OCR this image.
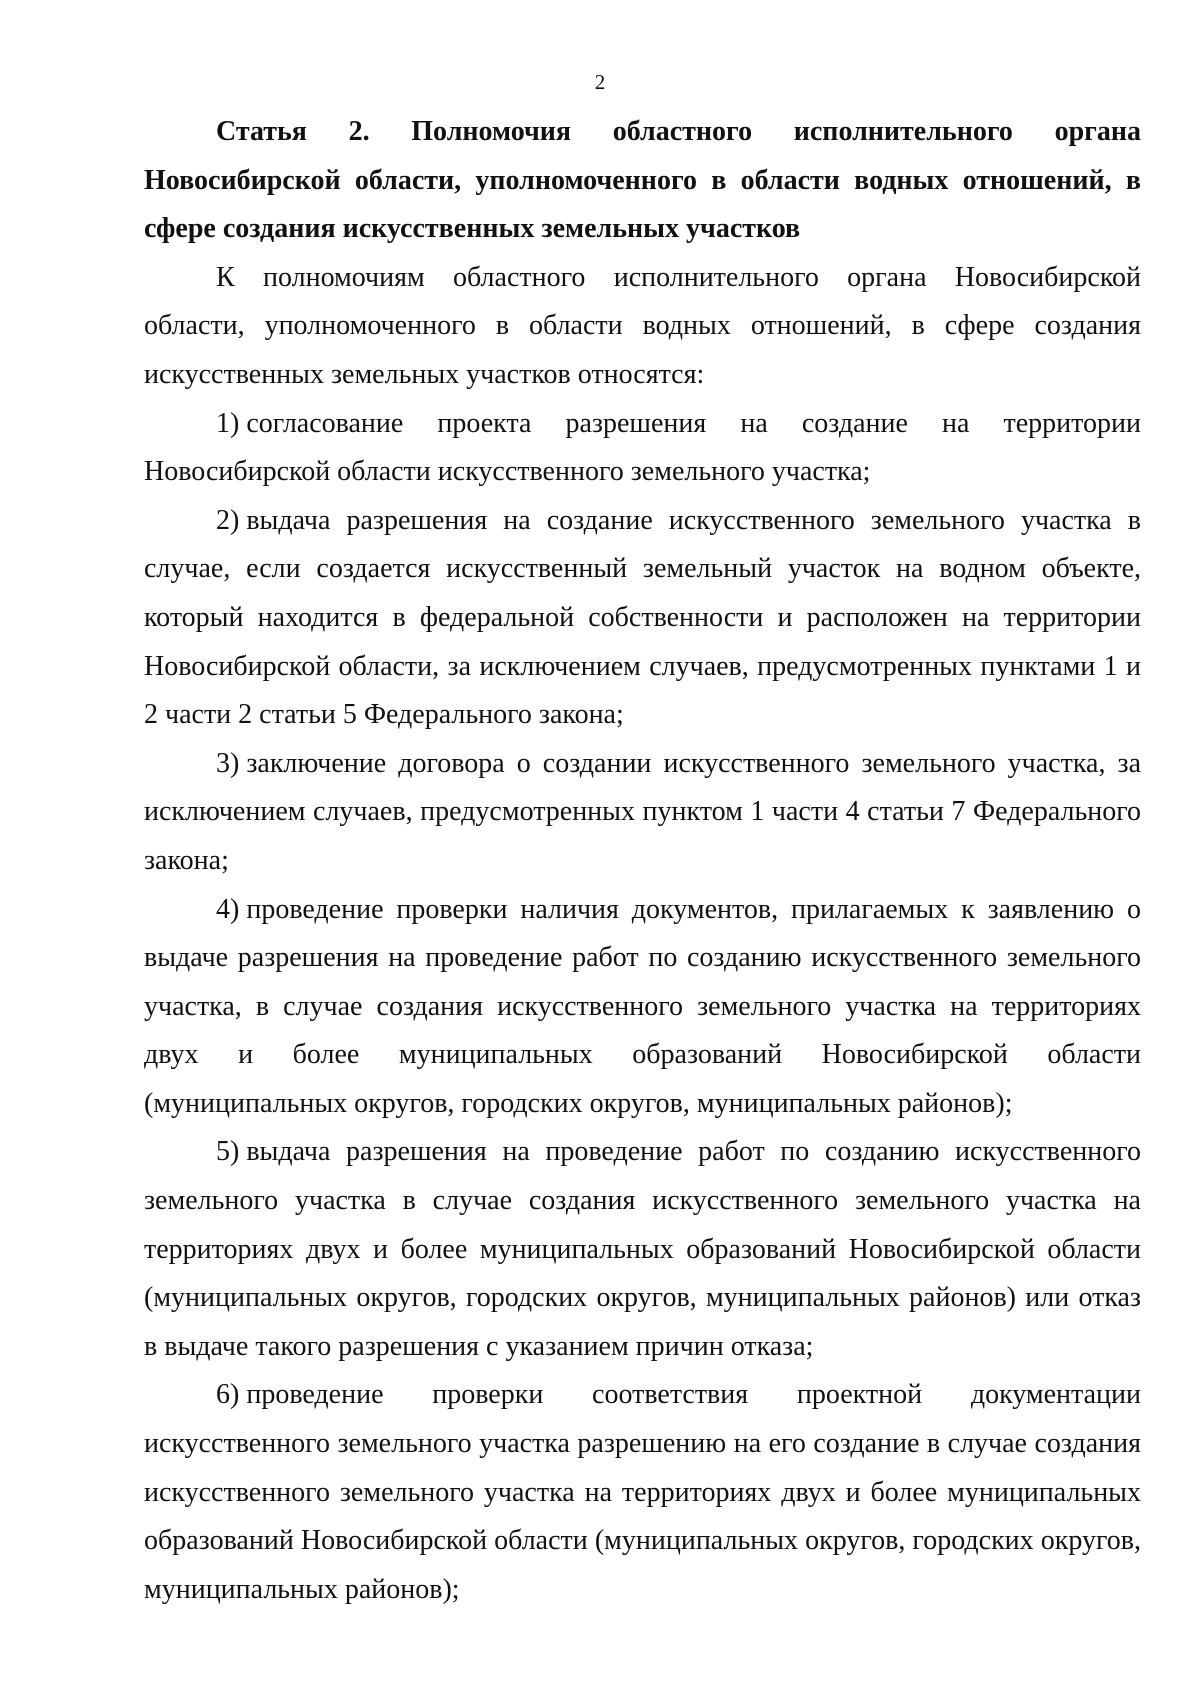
2

Статья 2. Полномочия областного исполнительного органа Новосибирской области, уполномоченного в области водных отношений, в сфере создания искусственных земельных участков

К полномочиям областного исполнительного органа Новосибирской области, уполномоченного в области водных отношений, в сфере создания искусственных земельных участков относятся:

1) согласование проекта разрешения на создание на территории Новосибирской области искусственного земельного участка;

2) выдача разрешения на создание искусственного земельного участка в случае, если создается искусственный земельный участок на водном объекте, который находится в федеральной собственности и расположен на территории Новосибирской области, за исключением случаев, предусмотренных пунктами 1 и 2 части 2 статьи 5 Федерального закона;

3) заключение договора о создании искусственного земельного участка, за исключением случаев, предусмотренных пунктом 1 части 4 статьи 7 Федерального закона;

4) проведение проверки наличия документов, прилагаемых к заявлению о выдаче разрешения на проведение работ по созданию искусственного земельного участка, в случае создания искусственного земельного участка на территориях двух и более муниципальных образований Новосибирской области (муниципальных округов, городских округов, муниципальных районов);

5) выдача разрешения на проведение работ по созданию искусственного земельного участка в случае создания искусственного земельного участка на территориях двух и более муниципальных образований Новосибирской области (муниципальных округов, городских округов, муниципальных районов) или отказ в выдаче такого разрешения с указанием причин отказа;

6) проведение проверки соответствия проектной документации искусственного земельного участка разрешению на его создание в случае создания искусственного земельного участка на территориях двух и более муниципальных образований Новосибирской области (муниципальных округов, городских округов, муниципальных районов);
